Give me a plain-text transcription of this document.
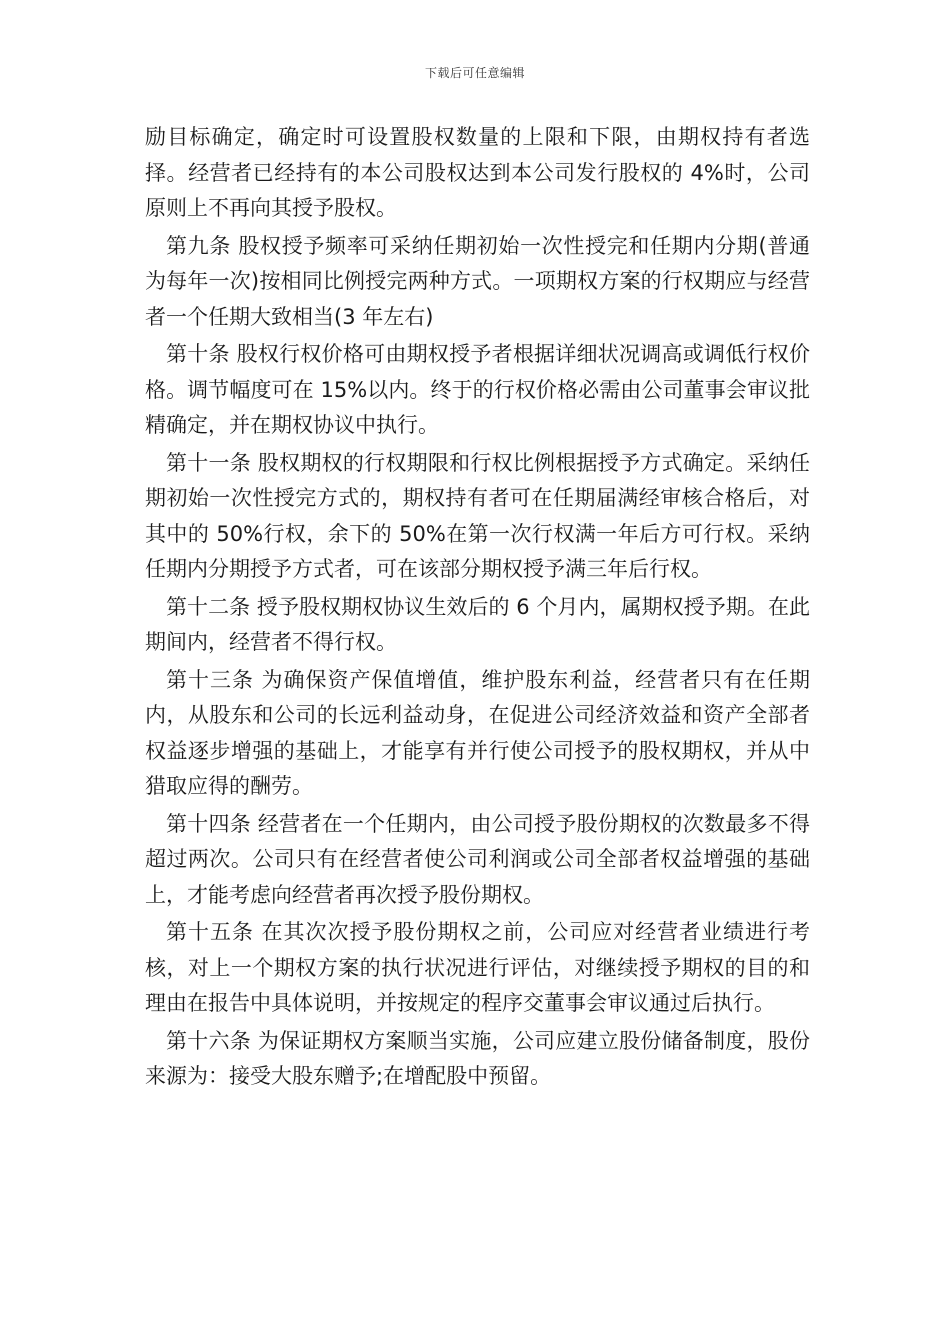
下载后可任意编辑

励目标确定，确定时可设置股权数量的上限和下限，由期权持有者选择。经营者已经持有的本公司股权达到本公司发行股权的 4%时，公司原则上不再向其授予股权。

第九条 股权授予频率可采纳任期初始一次性授完和任期内分期(普通为每年一次)按相同比例授完两种方式。一项期权方案的行权期应与经营者一个任期大致相当(3 年左右)

第十条 股权行权价格可由期权授予者根据详细状况调高或调低行权价格。调节幅度可在 15%以内。终于的行权价格必需由公司董事会审议批精确定，并在期权协议中执行。

第十一条 股权期权的行权期限和行权比例根据授予方式确定。采纳任期初始一次性授完方式的，期权持有者可在任期届满经审核合格后，对其中的 50%行权，余下的 50%在第一次行权满一年后方可行权。采纳任期内分期授予方式者，可在该部分期权授予满三年后行权。

第十二条 授予股权期权协议生效后的 6 个月内，属期权授予期。在此期间内，经营者不得行权。

第十三条 为确保资产保值增值，维护股东利益，经营者只有在任期内，从股东和公司的长远利益动身，在促进公司经济效益和资产全部者权益逐步增强的基础上，才能享有并行使公司授予的股权期权，并从中猎取应得的酬劳。

第十四条 经营者在一个任期内，由公司授予股份期权的次数最多不得超过两次。公司只有在经营者使公司利润或公司全部者权益增强的基础上，才能考虑向经营者再次授予股份期权。

第十五条 在其次次授予股份期权之前，公司应对经营者业绩进行考核，对上一个期权方案的执行状况进行评估，对继续授予期权的目的和理由在报告中具体说明，并按规定的程序交董事会审议通过后执行。

第十六条 为保证期权方案顺当实施，公司应建立股份储备制度，股份来源为：接受大股东赠予;在增配股中预留。
